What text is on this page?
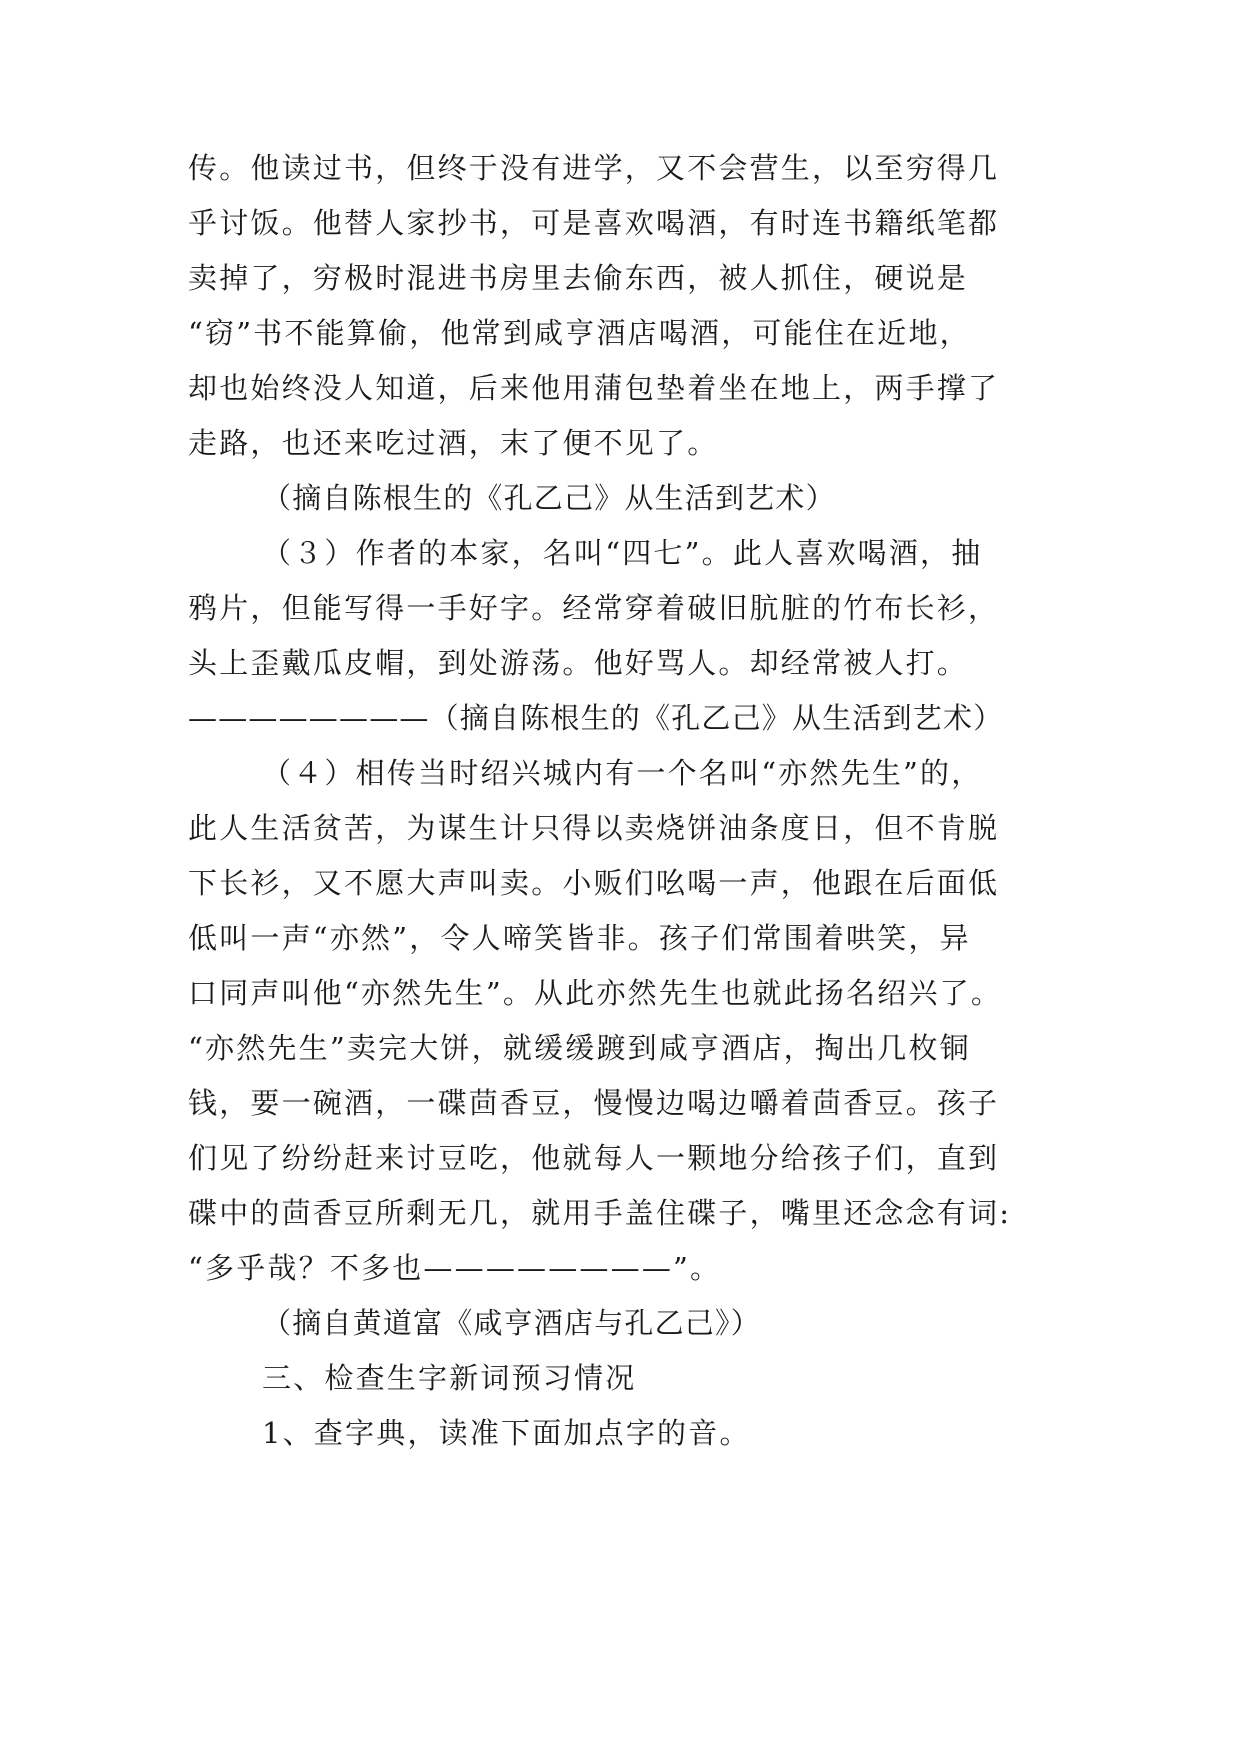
传。他读过书，但终于没有进学，又不会营生，以至穷得几
乎讨饭。他替人家抄书，可是喜欢喝酒，有时连书籍纸笔都
卖掉了，穷极时混进书房里去偷东西，被人抓住，硬说是
“窃”书不能算偷，他常到咸亨酒店喝酒，可能住在近地，
却也始终没人知道，后来他用蒲包垫着坐在地上，两手撑了
走路，也还来吃过酒，末了便不见了。
（摘自陈根生的《孔乙己》从生活到艺术）
（３）作者的本家，名叫“四七”。此人喜欢喝酒，抽
鸦片，但能写得一手好字。经常穿着破旧肮脏的竹布长衫，
头上歪戴瓜皮帽，到处游荡。他好骂人。却经常被人打。
————————（摘自陈根生的《孔乙己》从生活到艺术）
（４）相传当时绍兴城内有一个名叫“亦然先生”的，
此人生活贫苦，为谋生计只得以卖烧饼油条度日，但不肯脱
下长衫，又不愿大声叫卖。小贩们吆喝一声，他跟在后面低
低叫一声“亦然”，令人啼笑皆非。孩子们常围着哄笑，异
口同声叫他“亦然先生”。从此亦然先生也就此扬名绍兴了。
“亦然先生”卖完大饼，就缓缓踱到咸亨酒店，掏出几枚铜
钱，要一碗酒，一碟茴香豆，慢慢边喝边嚼着茴香豆。孩子
们见了纷纷赶来讨豆吃，他就每人一颗地分给孩子们，直到
碟中的茴香豆所剩无几，就用手盖住碟子，嘴里还念念有词:
“多乎哉？不多也————————”。
（摘自黄道富《咸亨酒店与孔乙己》）
三、检查生字新词预习情况
1、查字典，读准下面加点字的音。
